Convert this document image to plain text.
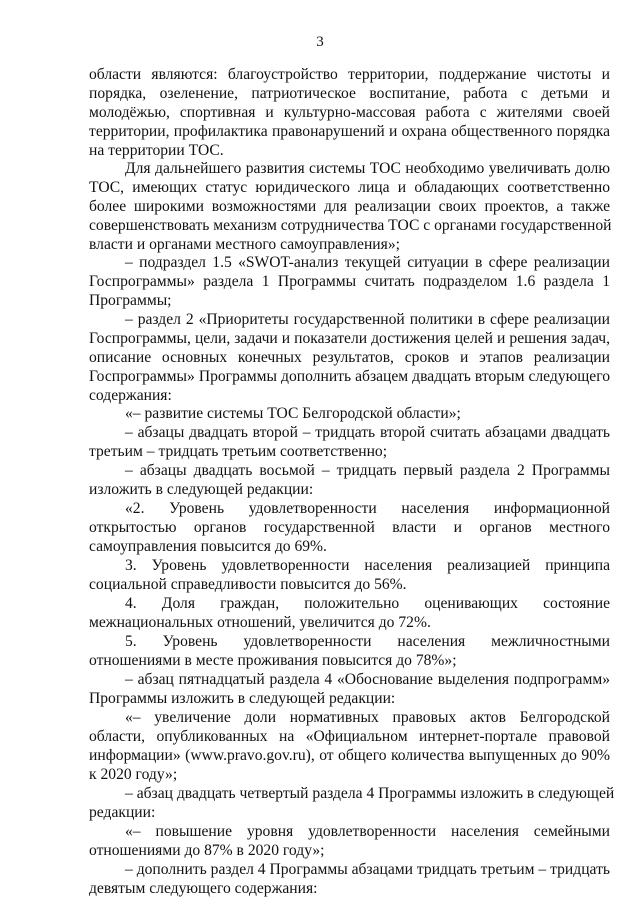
3
области являются: благоустройство территории, поддержание чистоты и
порядка, озеленение, патриотическое воспитание, работа с детьми и
молодёжью, спортивная и культурно-массовая работа с жителями своей
территории, профилактика правонарушений и охрана общественного порядка
на территории ТОС.
Для дальнейшего развития системы ТОС необходимо увеличивать долю
ТОС, имеющих статус юридического лица и обладающих соответственно
более широкими возможностями для реализации своих проектов, а также
совершенствовать механизм сотрудничества ТОС с органами государственной
власти и органами местного самоуправления»;
– подраздел 1.5 «SWOT-анализ текущей ситуации в сфере реализации
Госпрограммы» раздела 1 Программы считать подразделом 1.6 раздела 1
Программы;
– раздел 2 «Приоритеты государственной политики в сфере реализации
Госпрограммы, цели, задачи и показатели достижения целей и решения задач,
описание основных конечных результатов, сроков и этапов реализации
Госпрограммы» Программы дополнить абзацем двадцать вторым следующего
содержания:
«– развитие системы ТОС Белгородской области»;
– абзацы двадцать второй – тридцать второй считать абзацами двадцать
третьим – тридцать третьим соответственно;
– абзацы двадцать восьмой – тридцать первый раздела 2 Программы
изложить в следующей редакции:
«2. Уровень удовлетворенности населения информационной
открытостью органов государственной власти и органов местного
самоуправления повысится до 69%.
3. Уровень удовлетворенности населения реализацией принципа
социальной справедливости повысится до 56%.
4. Доля граждан, положительно оценивающих состояние
межнациональных отношений, увеличится до 72%.
5. Уровень удовлетворенности населения межличностными
отношениями в месте проживания повысится до 78%»;
– абзац пятнадцатый раздела 4 «Обоснование выделения подпрограмм»
Программы изложить в следующей редакции:
«– увеличение доли нормативных правовых актов Белгородской
области, опубликованных на «Официальном интернет-портале правовой
информации» (www.pravo.gov.ru), от общего количества выпущенных до 90%
к 2020 году»;
– абзац двадцать четвертый раздела 4 Программы изложить в следующей
редакции:
«– повышение уровня удовлетворенности населения семейными
отношениями до 87% в 2020 году»;
– дополнить раздел 4 Программы абзацами тридцать третьим – тридцать
девятым следующего содержания:
